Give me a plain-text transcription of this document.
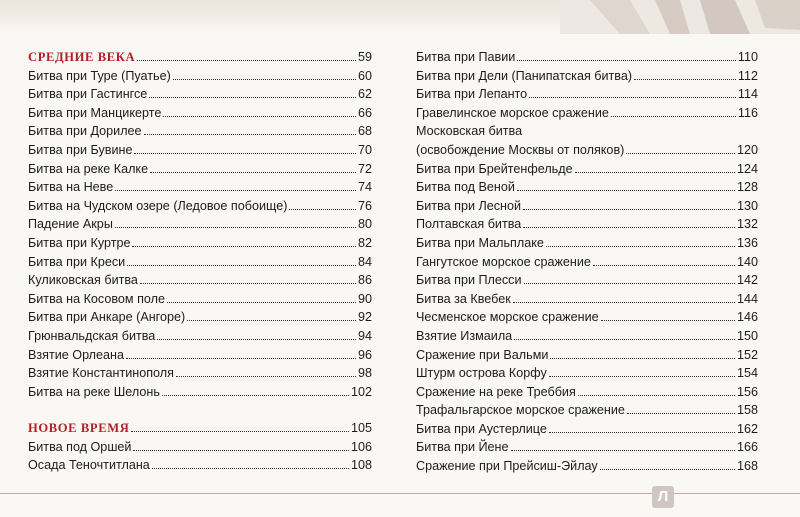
СРЕДНИЕ ВЕКА	59
Битва при Туре (Пуатье)	60
Битва при Гастингсе	62
Битва при Манцикерте	66
Битва при Дорилее	68
Битва при Бувине	70
Битва на реке Калке	72
Битва на Неве	74
Битва на Чудском озере (Ледовое побоище)	76
Падение Акры	80
Битва при Куртре	82
Битва при Креси	84
Куликовская битва	86
Битва на Косовом поле	90
Битва при Анкаре (Ангоре)	92
Грюнвальдская битва	94
Взятие Орлеана	96
Взятие Константинополя	98
Битва на реке Шелонь	102
НОВОЕ ВРЕМЯ	105
Битва под Оршей	106
Осада Теночтитлана	108
Битва при Павии	110
Битва при Дели (Панипатская битва)	112
Битва при Лепанто	114
Гравелинское морское сражение	116
Московская битва
(освобождение Москвы от поляков)	120
Битва при Брейтенфельде	124
Битва под Веной	128
Битва при Лесной	130
Полтавская битва	132
Битва при Мальплаке	136
Гангутское морское сражение	140
Битва при Плесси	142
Битва за Квебек	144
Чесменское морское сражение	146
Взятие Измаила	150
Сражение при Вальми	152
Штурм острова Корфу	154
Сражение на реке Треббия	156
Трафальгарское морское сражение	158
Битва при Аустерлице	162
Битва при Йене	166
Сражение при Прейсиш-Эйлау	168
Л
